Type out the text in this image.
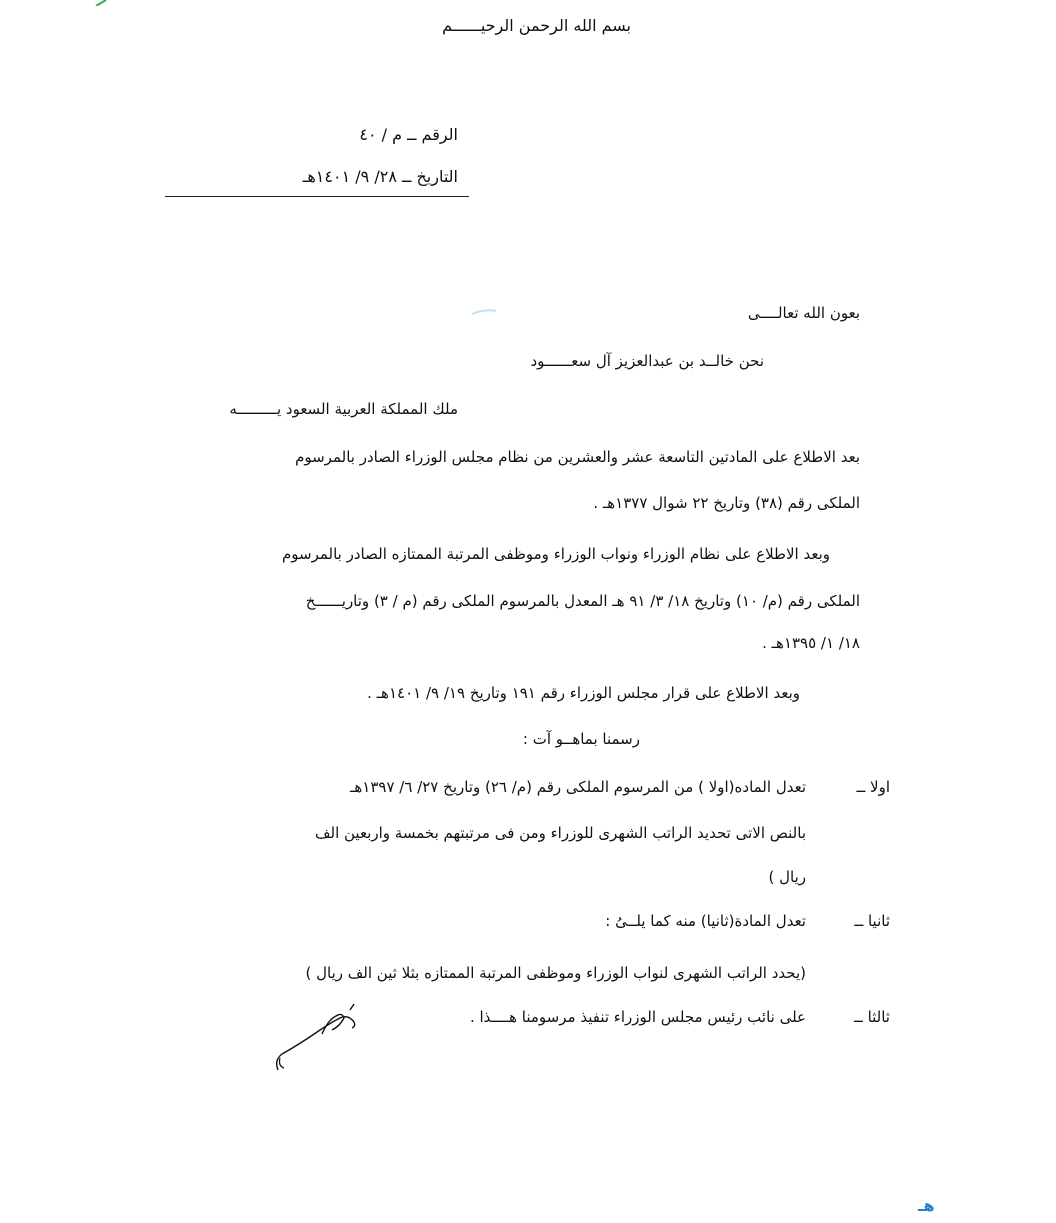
بسم الله الرحمن الرحيــــــم
الرقم ــ م / ٤٠
التاريخ ــ ٢٨/ ٩/ ١٤٠١هـ
بعون الله تعالــــى
نحن خالــد بن عبدالعزيز آل سعــــــود
ملك المملكة العربية السعود يـــــــــه
بعد الاطلاع على المادتين التاسعة عشر والعشرين من نظام مجلس الوزراء الصادر بالمرسوم
الملكى رقم (٣٨) وتاريخ ٢٢ شوال ١٣٧٧هـ .
وبعد الاطلاع على نظام الوزراء ونواب الوزراء وموظفى المرتبة الممتازه الصادر بالمرسوم
الملكى رقم (م/ ١٠) وتاريخ ١٨/ ٣/ ٩١ هـ المعدل بالمرسوم الملكى رقم (م / ٣) وتاريــــــخ
١٨/ ١/ ١٣٩٥هـ .
وبعد الاطلاع على قرار مجلس الوزراء رقم ١٩١ وتاريخ ١٩/ ٩/ ١٤٠١هـ .
رسمنا بماهــو آت :
اولا ــ
تعدل الماده(اولا ) من المرسوم الملكى رقم (م/ ٢٦) وتاريخ ٢٧/ ٦/ ١٣٩٧هـ
بالنص الاتى تحديد الراتب الشهرى للوزراء ومن فى مرتبتهم بخمسة واربعين الف
ريال )
ثانيا ــ
تعدل المادة(ثانيا) منه كما يلــىُ :
(يحدد الراتب الشهرى لنواب الوزراء وموظفى المرتبة الممتازه بثلا ثين الف ريال )
ثالثا ــ
على نائب رئيس مجلس الوزراء تنفيذ مرسومنا هــــذا .
هـ
